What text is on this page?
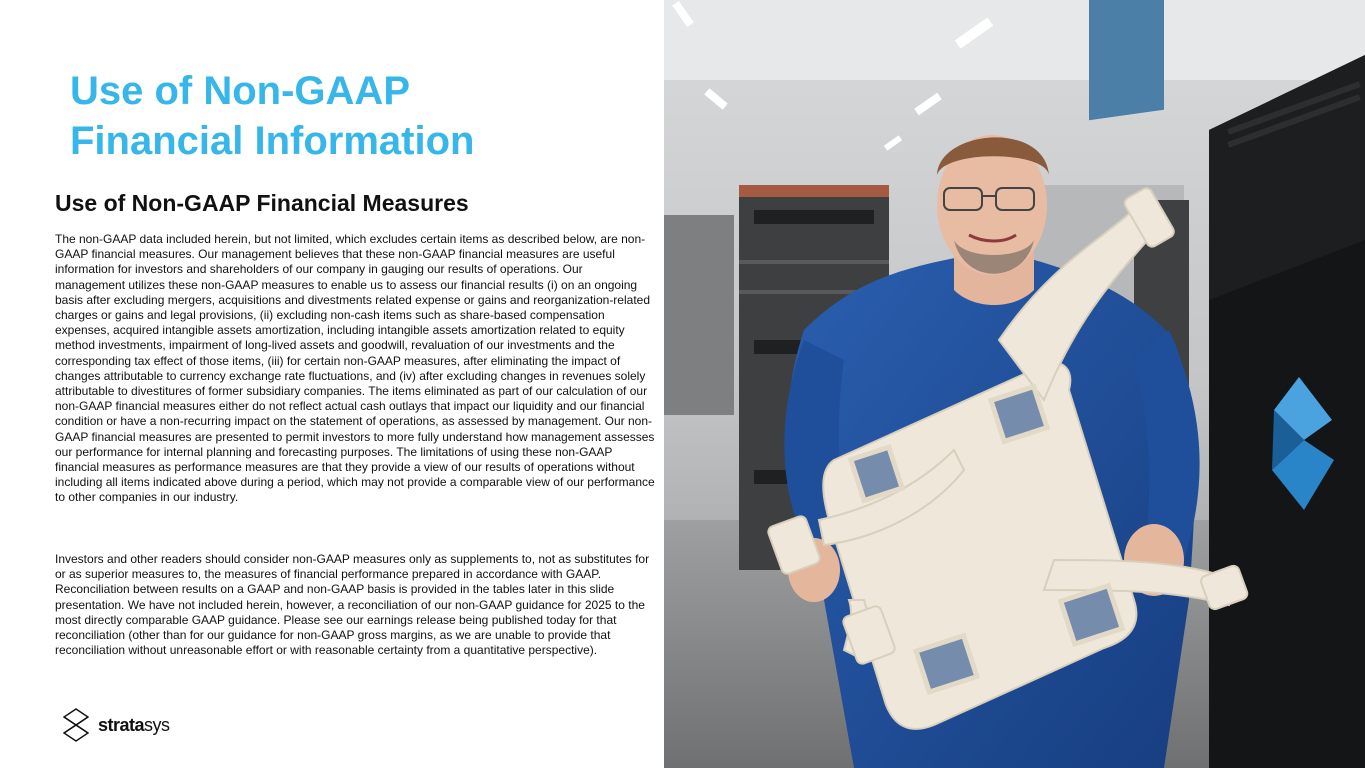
Use of Non-GAAP
Financial Information
Use of Non-GAAP Financial Measures

The non-GAAP data included herein, but not limited, which excludes certain items as described below, are non-GAAP financial measures. Our management believes that these non-GAAP financial measures are useful information for investors and shareholders of our company in gauging our results of operations. Our management utilizes these non-GAAP measures to enable us to assess our financial results (i) on an ongoing basis after excluding mergers, acquisitions and divestments related expense or gains and reorganization-related charges or gains and legal provisions, (ii) excluding non-cash items such as share-based compensation expenses, acquired intangible assets amortization, including intangible assets amortization related to equity method investments, impairment of long-lived assets and goodwill, revaluation of our investments and the corresponding tax effect of those items, (iii) for certain non-GAAP measures, after eliminating the impact of changes attributable to currency exchange rate fluctuations, and (iv) after excluding changes in revenues solely attributable to divestitures of former subsidiary companies. The items eliminated as part of our calculation of our non-GAAP financial measures either do not reflect actual cash outlays that impact our liquidity and our financial condition or have a non-recurring impact on the statement of operations, as assessed by management. Our non-GAAP financial measures are presented to permit investors to more fully understand how management assesses our performance for internal planning and forecasting purposes. The limitations of using these non-GAAP financial measures as performance measures are that they provide a view of our results of operations without including all items indicated above during a period, which may not provide a comparable view of our performance to other companies in our industry.

Investors and other readers should consider non-GAAP measures only as supplements to, not as substitutes for or as superior measures to, the measures of financial performance prepared in accordance with GAAP. Reconciliation between results on a GAAP and non-GAAP basis is provided in the tables later in this slide presentation. We have not included herein, however, a reconciliation of our non-GAAP guidance for 2025 to the most directly comparable GAAP guidance. Please see our earnings release being published today for that reconciliation (other than for our guidance for non-GAAP gross margins, as we are unable to provide that reconciliation without unreasonable effort or with reasonable certainty from a quantitative perspective).

stratasys
